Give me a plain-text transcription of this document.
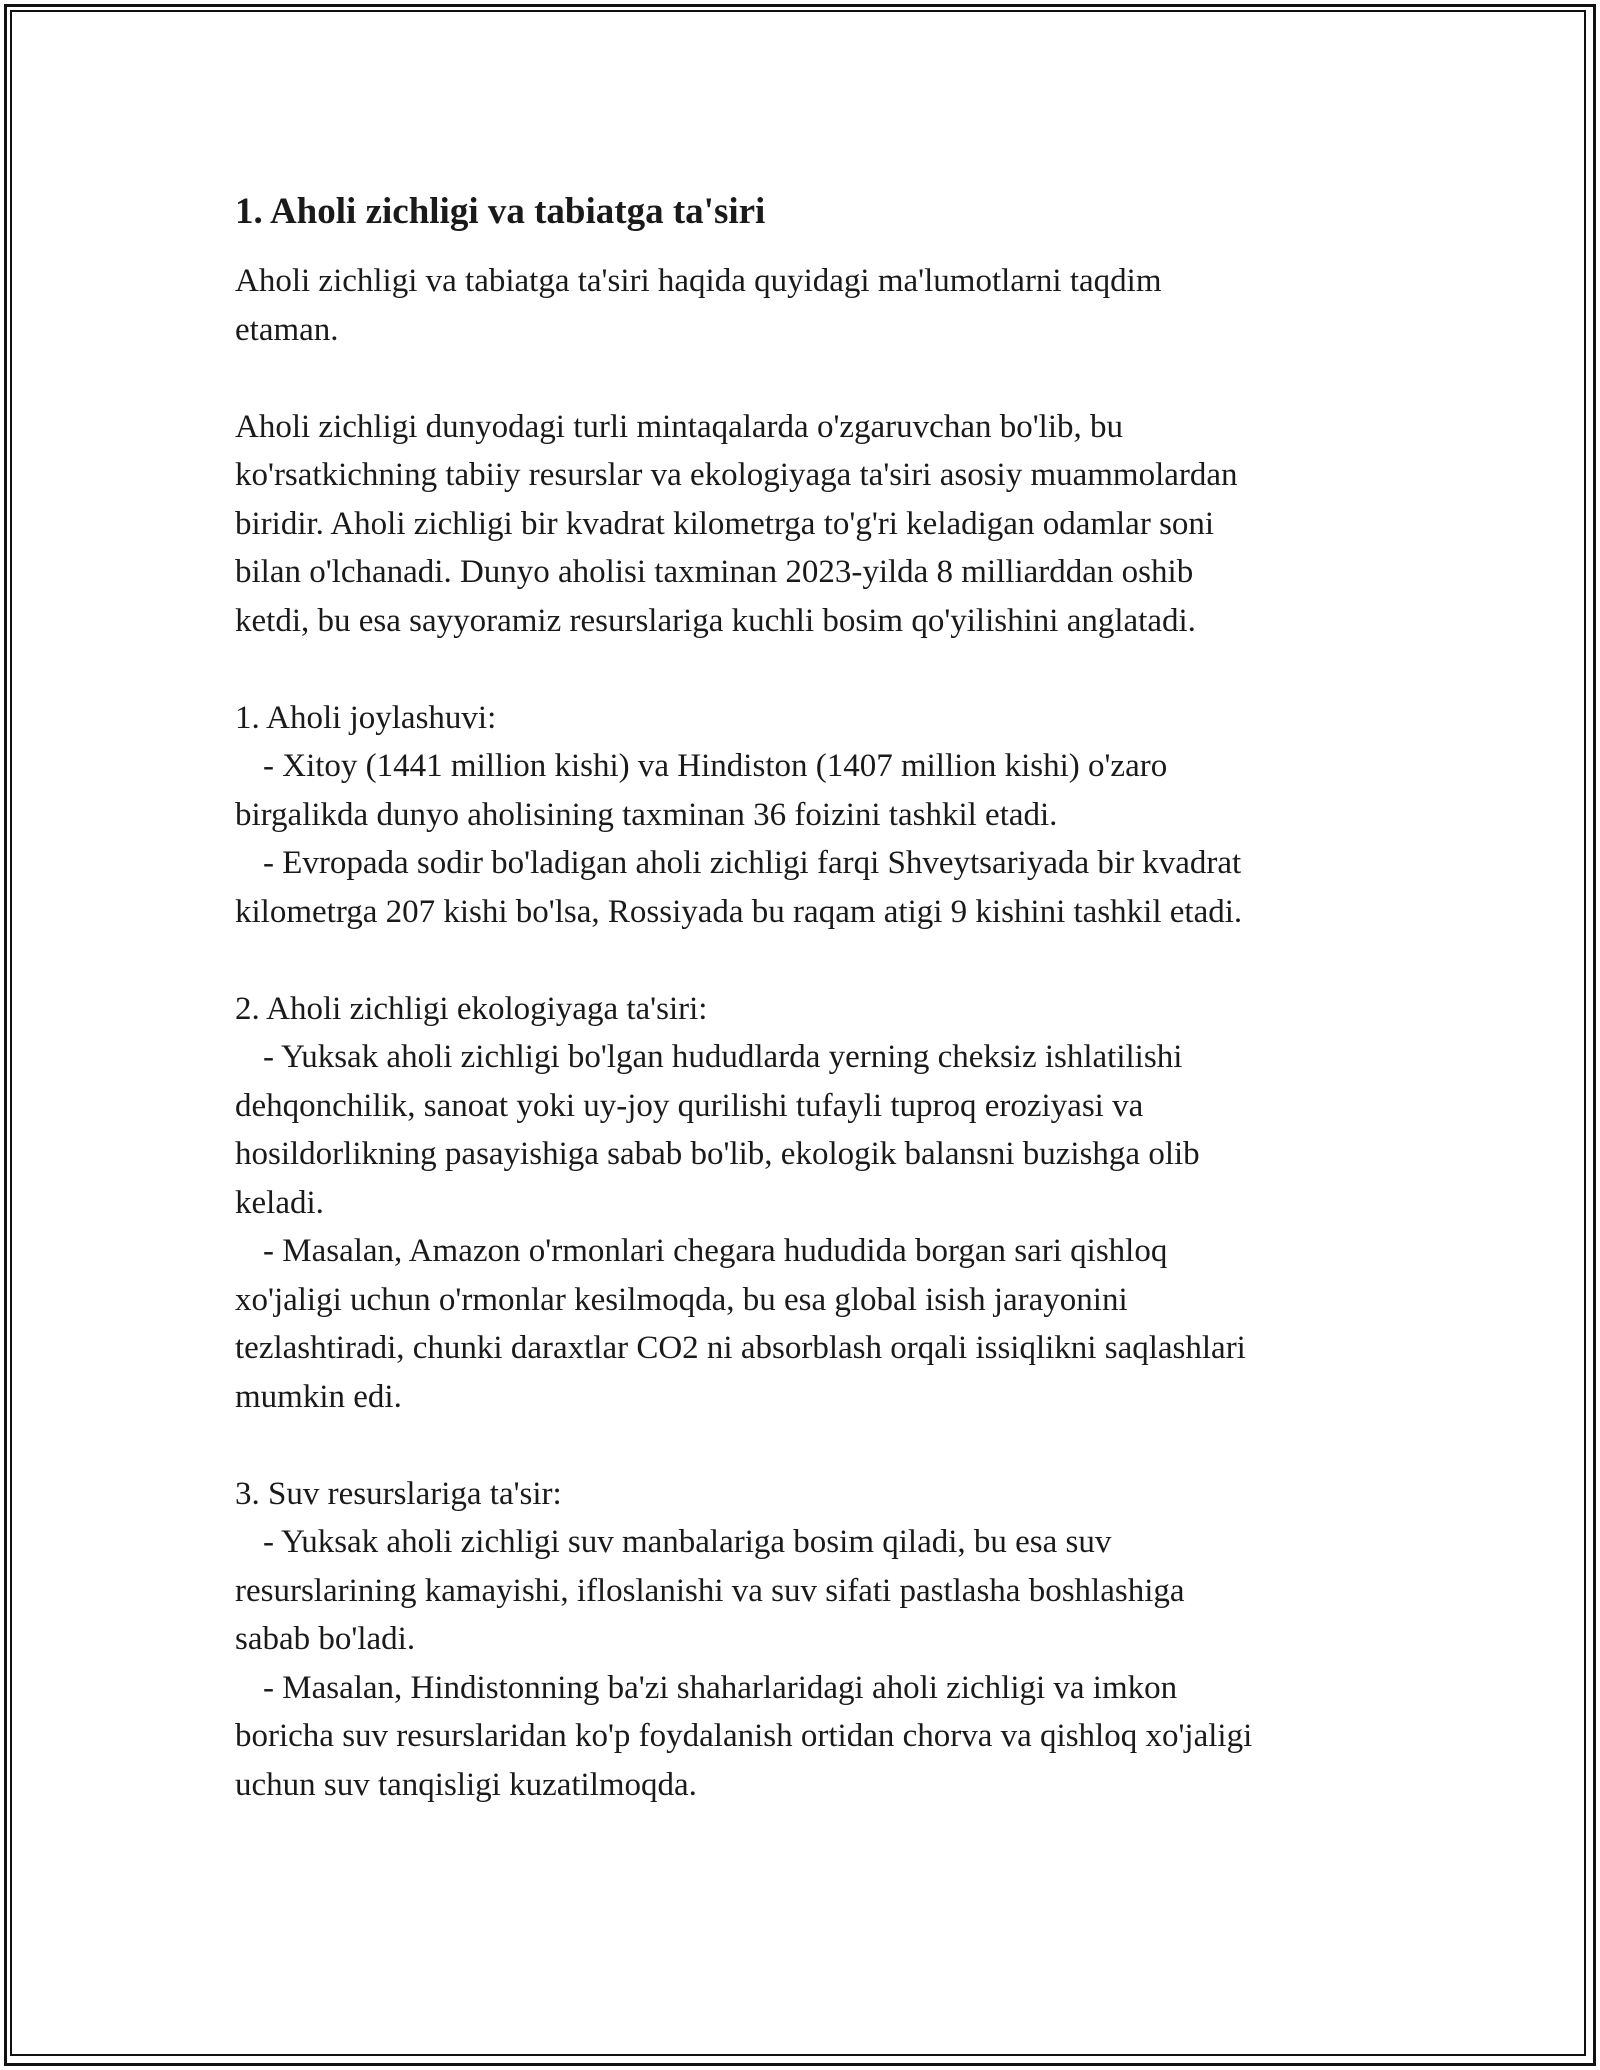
1. Aholi zichligi va tabiatga ta'siri

Aholi zichligi va tabiatga ta'siri haqida quyidagi ma'lumotlarni taqdim
etaman.

Aholi zichligi dunyodagi turli mintaqalarda o'zgaruvchan bo'lib, bu
ko'rsatkichning tabiiy resurslar va ekologiyaga ta'siri asosiy muammolardan
biridir. Aholi zichligi bir kvadrat kilometrga to'g'ri keladigan odamlar soni
bilan o'lchanadi. Dunyo aholisi taxminan 2023-yilda 8 milliarddan oshib
ketdi, bu esa sayyoramiz resurslariga kuchli bosim qo'yilishini anglatadi.

1. Aholi joylashuvi:

- Xitoy (1441 million kishi) va Hindiston (1407 million kishi) o'zaro
birgalikda dunyo aholisining taxminan 36 foizini tashkil etadi.

- Evropada sodir bo'ladigan aholi zichligi farqi Shveytsariyada bir kvadrat
kilometrga 207 kishi bo'lsa, Rossiyada bu raqam atigi 9 kishini tashkil etadi.

2. Aholi zichligi ekologiyaga ta'siri:

- Yuksak aholi zichligi bo'lgan hududlarda yerning cheksiz ishlatilishi
dehqonchilik, sanoat yoki uy-joy qurilishi tufayli tuproq eroziyasi va
hosildorlikning pasayishiga sabab bo'lib, ekologik balansni buzishga olib
keladi.

- Masalan, Amazon o'rmonlari chegara hududida borgan sari qishloq
xo'jaligi uchun o'rmonlar kesilmoqda, bu esa global isish jarayonini
tezlashtiradi, chunki daraxtlar CO2 ni absorblash orqali issiqlikni saqlashlari
mumkin edi.

3. Suv resurslariga ta'sir:

- Yuksak aholi zichligi suv manbalariga bosim qiladi, bu esa suv
resurslarining kamayishi, ifloslanishi va suv sifati pastlasha boshlashiga
sabab bo'ladi.

- Masalan, Hindistonning ba'zi shaharlaridagi aholi zichligi va imkon
boricha suv resurslaridan ko'p foydalanish ortidan chorva va qishloq xo'jaligi
uchun suv tanqisligi kuzatilmoqda.
